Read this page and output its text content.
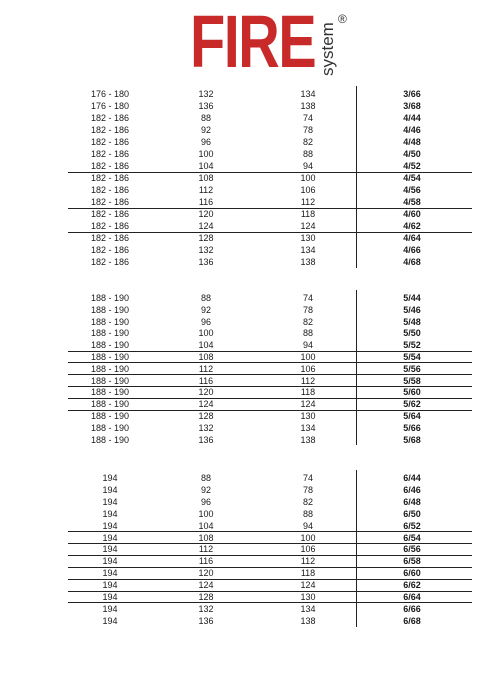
FIRE system
®
176 - 180	132	134	3/66
176 - 180	136	138	3/68
182 - 186	88	74	4/44
182 - 186	92	78	4/46
182 - 186	96	82	4/48
182 - 186	100	88	4/50
182 - 186	104	94	4/52
182 - 186	108	100	4/54
182 - 186	112	106	4/56
182 - 186	116	112	4/58
182 - 186	120	118	4/60
182 - 186	124	124	4/62
182 - 186	128	130	4/64
182 - 186	132	134	4/66
182 - 186	136	138	4/68
188 - 190	88	74	5/44
188 - 190	92	78	5/46
188 - 190	96	82	5/48
188 - 190	100	88	5/50
188 - 190	104	94	5/52
188 - 190	108	100	5/54
188 - 190	112	106	5/56
188 - 190	116	112	5/58
188 - 190	120	118	5/60
188 - 190	124	124	5/62
188 - 190	128	130	5/64
188 - 190	132	134	5/66
188 - 190	136	138	5/68
194	88	74	6/44
194	92	78	6/46
194	96	82	6/48
194	100	88	6/50
194	104	94	6/52
194	108	100	6/54
194	112	106	6/56
194	116	112	6/58
194	120	118	6/60
194	124	124	6/62
194	128	130	6/64
194	132	134	6/66
194	136	138	6/68
